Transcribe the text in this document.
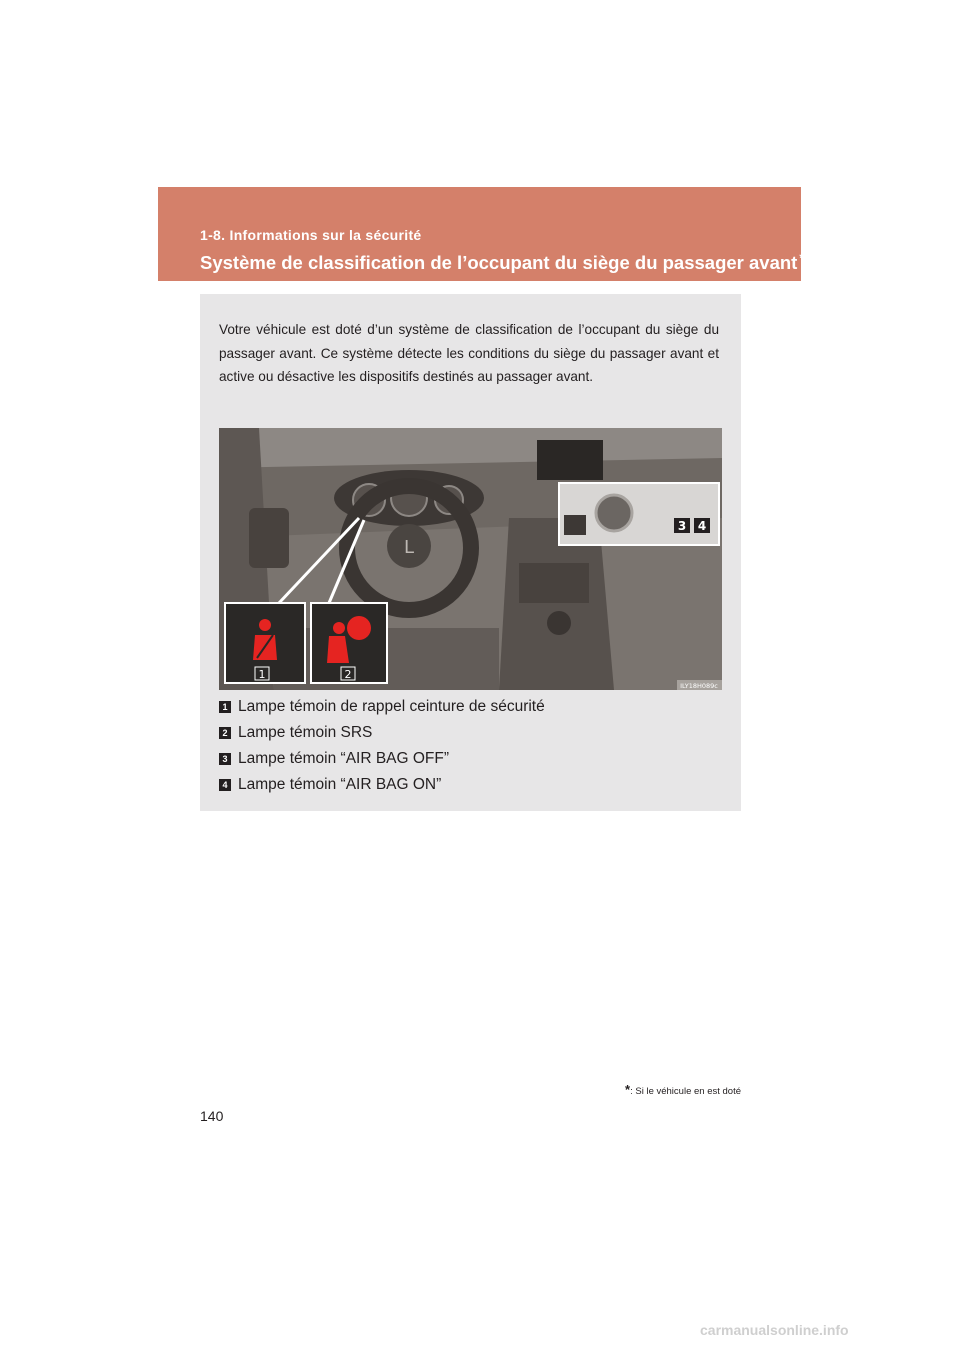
1-8. Informations sur la sécurité
Système de classification de l’occupant du siège du passager avant *
Votre véhicule est doté d’un système de classification de l’occupant du siège du passager avant. Ce système détecte les conditions du siège du passager avant et active ou désactive les dispositifs destinés au passager avant.
L
3 4
1	2
ILY18H089c
1 Lampe témoin de rappel ceinture de sécurité
2 Lampe témoin SRS
3 Lampe témoin “AIR BAG OFF”
4 Lampe témoin “AIR BAG ON”
*: Si le véhicule en est doté
140
carmanualsonline.info
